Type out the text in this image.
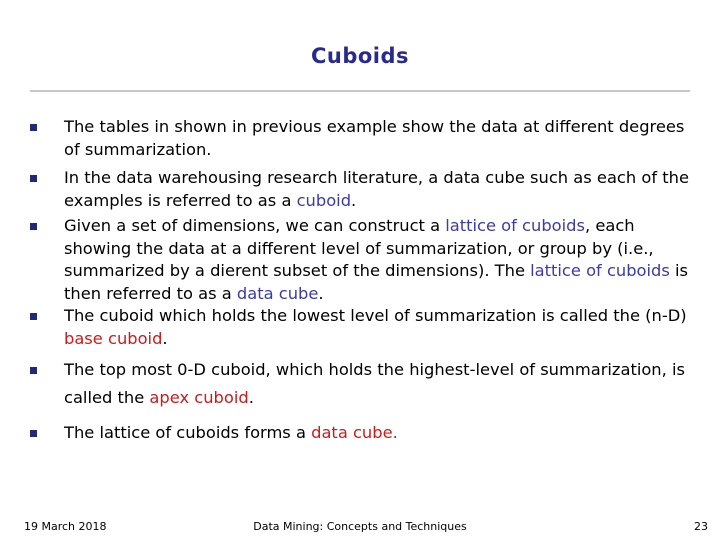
Cuboids
The tables in shown in previous example show the data at different degrees of summarization.
In the data warehousing research literature, a data cube such as each of the examples is referred to as a cuboid.
Given a set of dimensions, we can construct a lattice of cuboids, each showing the data at a different level of summarization, or group by (i.e., summarized by a dierent subset of the dimensions). The lattice of cuboids is then referred to as a data cube.
The cuboid which holds the lowest level of summarization is called the (n-D) base cuboid.
The top most 0-D cuboid, which holds the highest-level of summarization, is called the apex cuboid.
The lattice of cuboids forms a data cube.
19 March 2018	Data Mining: Concepts and Techniques	23
